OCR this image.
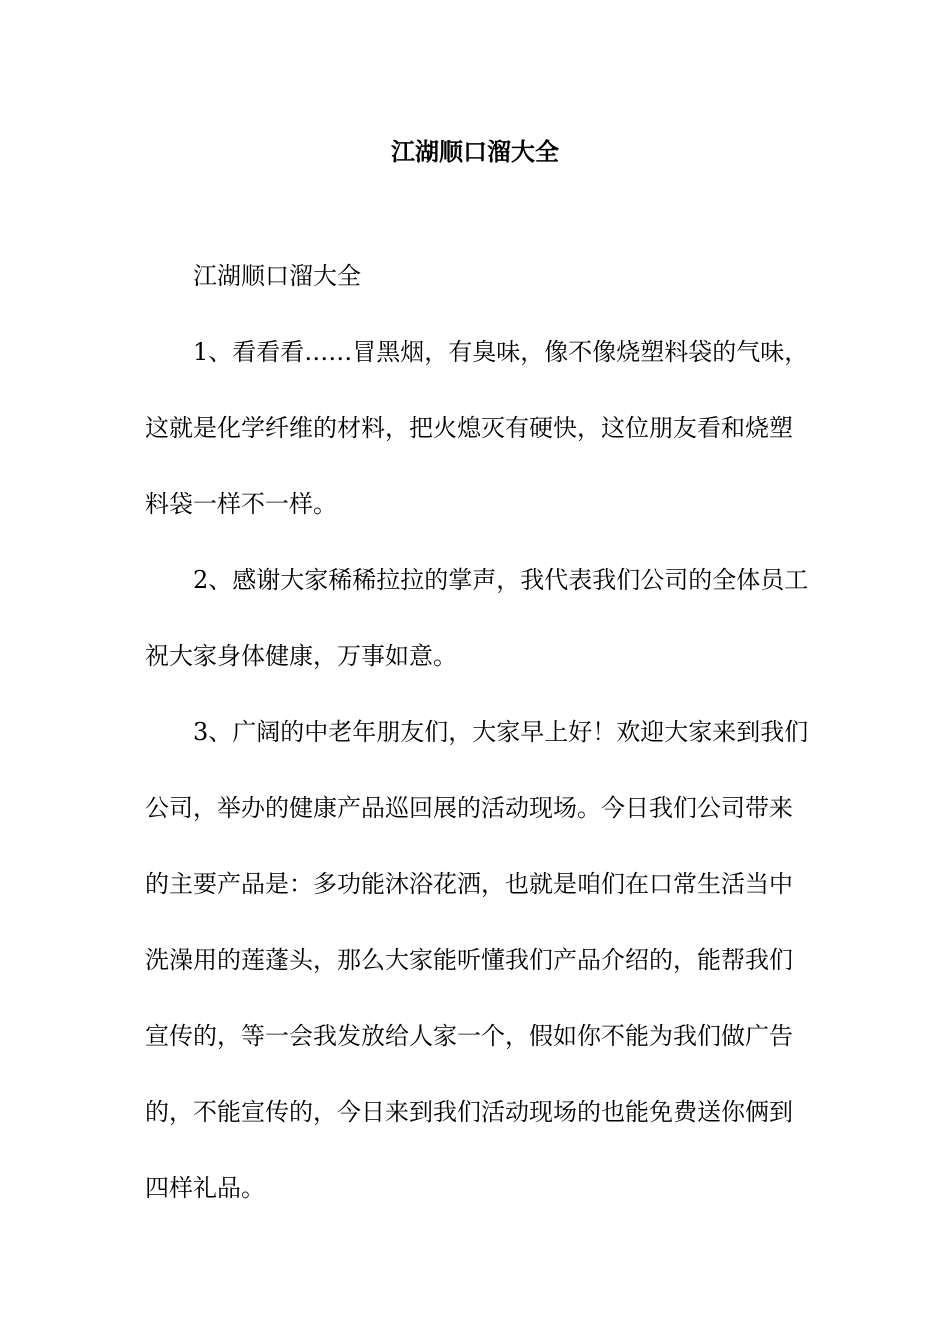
江湖顺口溜大全
江湖顺口溜大全
1、看看看……冒黑烟，有臭味，像不像烧塑料袋的气味，
这就是化学纤维的材料，把火熄灭有硬快，这位朋友看和烧塑
料袋一样不一样。
2、感谢大家稀稀拉拉的掌声，我代表我们公司的全体员工
祝大家身体健康，万事如意。
3、广阔的中老年朋友们，大家早上好！欢迎大家来到我们
公司，举办的健康产品巡回展的活动现场。今日我们公司带来
的主要产品是：多功能沐浴花洒，也就是咱们在口常生活当中
洗澡用的莲蓬头，那么大家能听懂我们产品介绍的，能帮我们
宣传的，等一会我发放给人家一个，假如你不能为我们做广告
的，不能宣传的，今日来到我们活动现场的也能免费送你俩到
四样礼品。
